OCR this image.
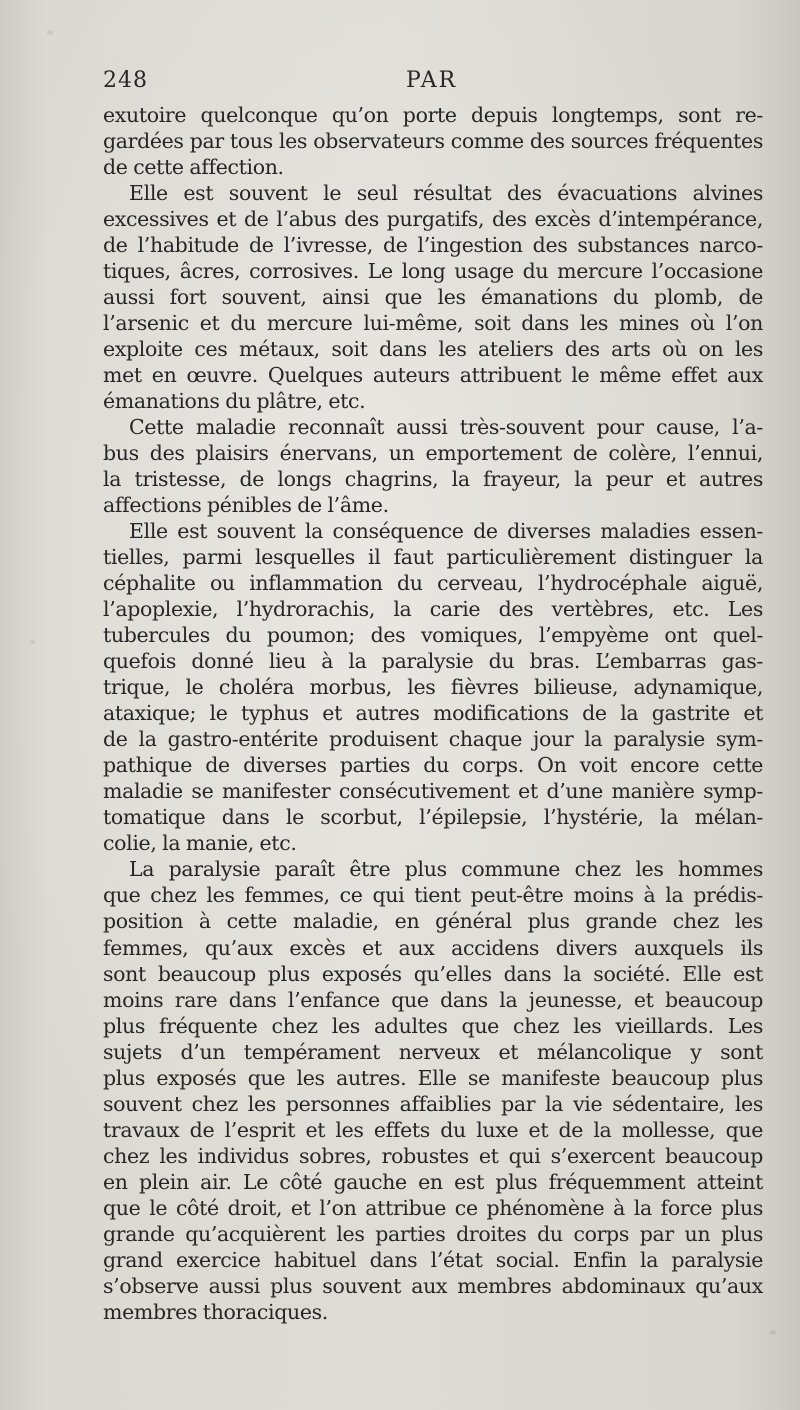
248	PAR
exutoire quelconque qu’on porte depuis longtemps, sont re-
gardées par tous les observateurs comme des sources fréquentes
de cette affection.
Elle est souvent le seul résultat des évacuations alvines
excessives et de l’abus des purgatifs, des excès d’intempérance,
de l’habitude de l’ivresse, de l’ingestion des substances narco-
tiques, âcres, corrosives. Le long usage du mercure l’occasione
aussi fort souvent, ainsi que les émanations du plomb, de
l’arsenic et du mercure lui-même, soit dans les mines où l’on
exploite ces métaux, soit dans les ateliers des arts où on les
met en œuvre. Quelques auteurs attribuent le même effet aux
émanations du plâtre, etc.
Cette maladie reconnaît aussi très-souvent pour cause, l’a-
bus des plaisirs énervans, un emportement de colère, l’ennui,
la tristesse, de longs chagrins, la frayeur, la peur et autres
affections pénibles de l’âme.
Elle est souvent la conséquence de diverses maladies essen-
tielles, parmi lesquelles il faut particulièrement distinguer la
céphalite ou inflammation du cerveau, l’hydrocéphale aiguë,
l’apoplexie, l’hydrorachis, la carie des vertèbres, etc. Les
tubercules du poumon; des vomiques, l’empyème ont quel-
quefois donné lieu à la paralysie du bras. L’embarras gas-
trique, le choléra morbus, les fièvres bilieuse, adynamique,
ataxique; le typhus et autres modifications de la gastrite et
de la gastro-entérite produisent chaque jour la paralysie sym-
pathique de diverses parties du corps. On voit encore cette
maladie se manifester consécutivement et d’une manière symp-
tomatique dans le scorbut, l’épilepsie, l’hystérie, la mélan-
colie, la manie, etc.
La paralysie paraît être plus commune chez les hommes
que chez les femmes, ce qui tient peut-être moins à la prédis-
position à cette maladie, en général plus grande chez les
femmes, qu’aux excès et aux accidens divers auxquels ils
sont beaucoup plus exposés qu’elles dans la société. Elle est
moins rare dans l’enfance que dans la jeunesse, et beaucoup
plus fréquente chez les adultes que chez les vieillards. Les
sujets d’un tempérament nerveux et mélancolique y sont
plus exposés que les autres. Elle se manifeste beaucoup plus
souvent chez les personnes affaiblies par la vie sédentaire, les
travaux de l’esprit et les effets du luxe et de la mollesse, que
chez les individus sobres, robustes et qui s’exercent beaucoup
en plein air. Le côté gauche en est plus fréquemment atteint
que le côté droit, et l’on attribue ce phénomène à la force plus
grande qu’acquièrent les parties droites du corps par un plus
grand exercice habituel dans l’état social. Enfin la paralysie
s’observe aussi plus souvent aux membres abdominaux qu’aux
membres thoraciques.
